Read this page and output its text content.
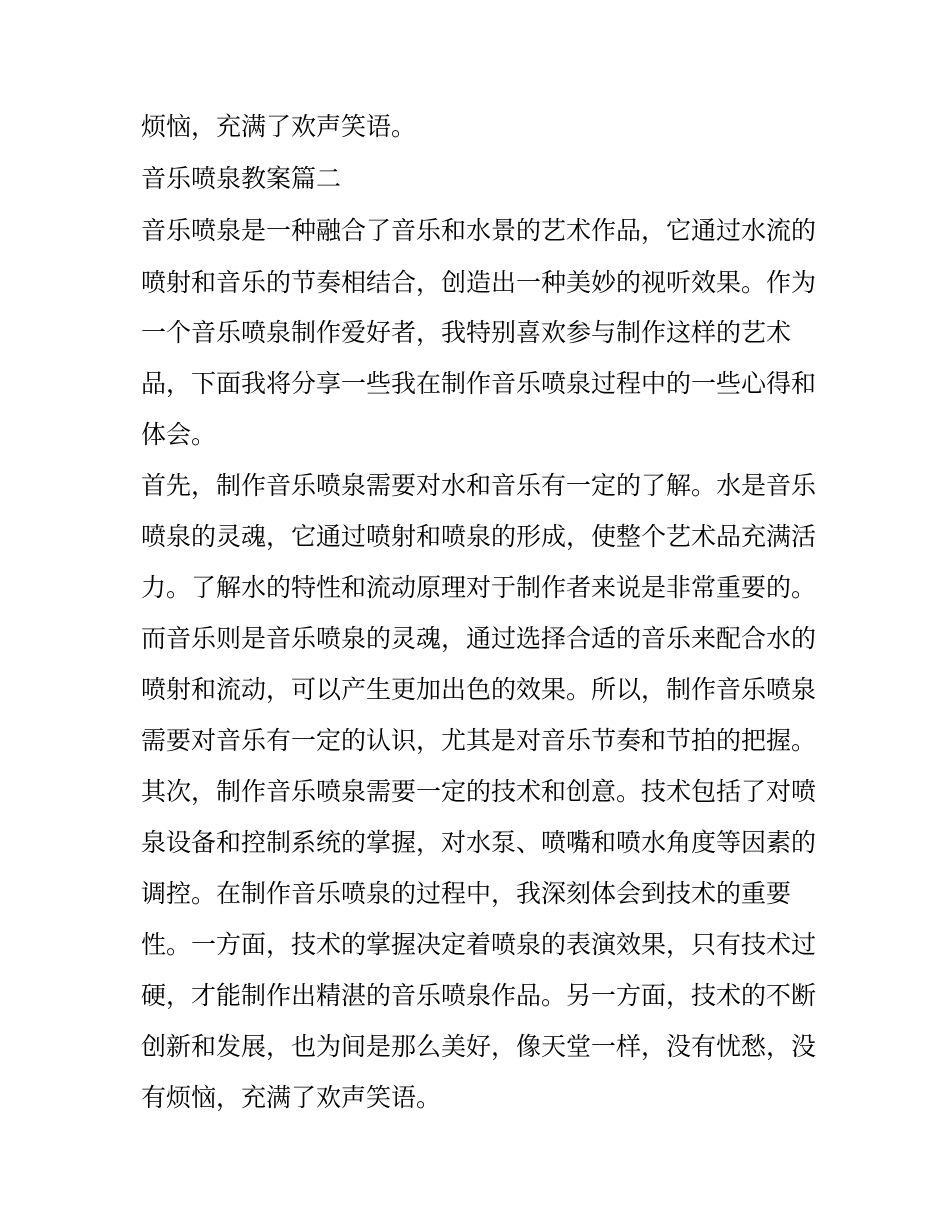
烦恼，充满了欢声笑语。

音乐喷泉教案篇二

音乐喷泉是一种融合了音乐和水景的艺术作品，它通过水流的

喷射和音乐的节奏相结合，创造出一种美妙的视听效果。作为

一个音乐喷泉制作爱好者，我特别喜欢参与制作这样的艺术

品，下面我将分享一些我在制作音乐喷泉过程中的一些心得和

体会。

首先，制作音乐喷泉需要对水和音乐有一定的了解。水是音乐

喷泉的灵魂，它通过喷射和喷泉的形成，使整个艺术品充满活

力。了解水的特性和流动原理对于制作者来说是非常重要的。

而音乐则是音乐喷泉的灵魂，通过选择合适的音乐来配合水的

喷射和流动，可以产生更加出色的效果。所以，制作音乐喷泉

需要对音乐有一定的认识，尤其是对音乐节奏和节拍的把握。

其次，制作音乐喷泉需要一定的技术和创意。技术包括了对喷

泉设备和控制系统的掌握，对水泵、喷嘴和喷水角度等因素的

调控。在制作音乐喷泉的过程中，我深刻体会到技术的重要

性。一方面，技术的掌握决定着喷泉的表演效果，只有技术过

硬，才能制作出精湛的音乐喷泉作品。另一方面，技术的不断

创新和发展，也为间是那么美好，像天堂一样，没有忧愁，没

有烦恼，充满了欢声笑语。
